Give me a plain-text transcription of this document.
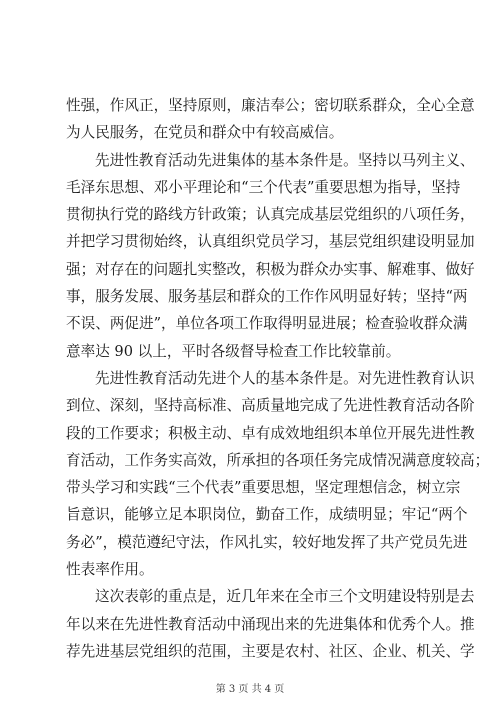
性强，作风正，坚持原则，廉洁奉公；密切联系群众，全心全意
为人民服务，在党员和群众中有较高威信。
先进性教育活动先进集体的基本条件是。坚持以马列主义、
毛泽东思想、邓小平理论和“三个代表”重要思想为指导，坚持
贯彻执行党的路线方针政策；认真完成基层党组织的八项任务，
并把学习贯彻始终，认真组织党员学习，基层党组织建设明显加
强；对存在的问题扎实整改，积极为群众办实事、解难事、做好
事，服务发展、服务基层和群众的工作作风明显好转；坚持“两
不误、两促进”，单位各项工作取得明显进展；检查验收群众满
意率达 90 以上，平时各级督导检查工作比较靠前。
先进性教育活动先进个人的基本条件是。对先进性教育认识
到位、深刻，坚持高标准、高质量地完成了先进性教育活动各阶
段的工作要求；积极主动、卓有成效地组织本单位开展先进性教
育活动，工作务实高效，所承担的各项任务完成情况满意度较高；
带头学习和实践“三个代表”重要思想，坚定理想信念，树立宗
旨意识，能够立足本职岗位，勤奋工作，成绩明显；牢记“两个
务必”，模范遵纪守法，作风扎实，较好地发挥了共产党员先进
性表率作用。
这次表彰的重点是，近几年来在全市三个文明建设特别是去
年以来在先进性教育活动中涌现出来的先进集体和优秀个人。推
荐先进基层党组织的范围，主要是农村、社区、企业、机关、学
第 3 页 共 4 页
